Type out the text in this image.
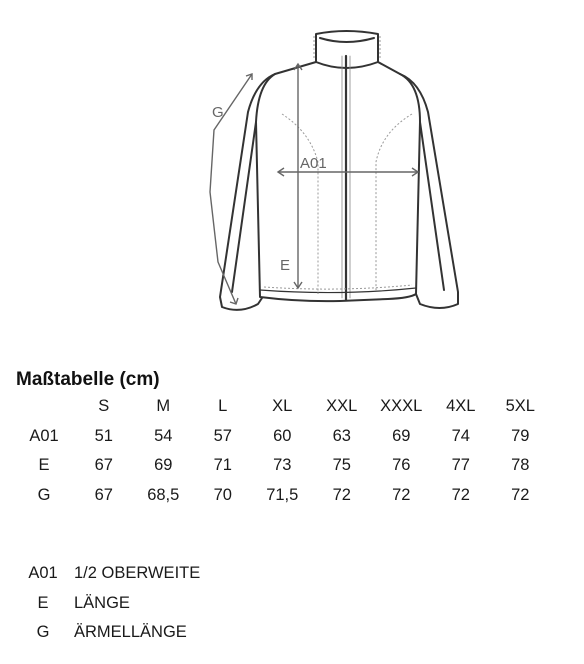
A01
E
G
Maßtabelle (cm)
	S	M	L	XL	XXL	XXXL	4XL	5XL
A01	51	54	57	60	63	69	74	79
E	67	69	71	73	75	76	77	78
G	67	68,5	70	71,5	72	72	72	72
A01 1/2 OBERWEITE
E	LÄNGE
G	ÄRMELLÄNGE
